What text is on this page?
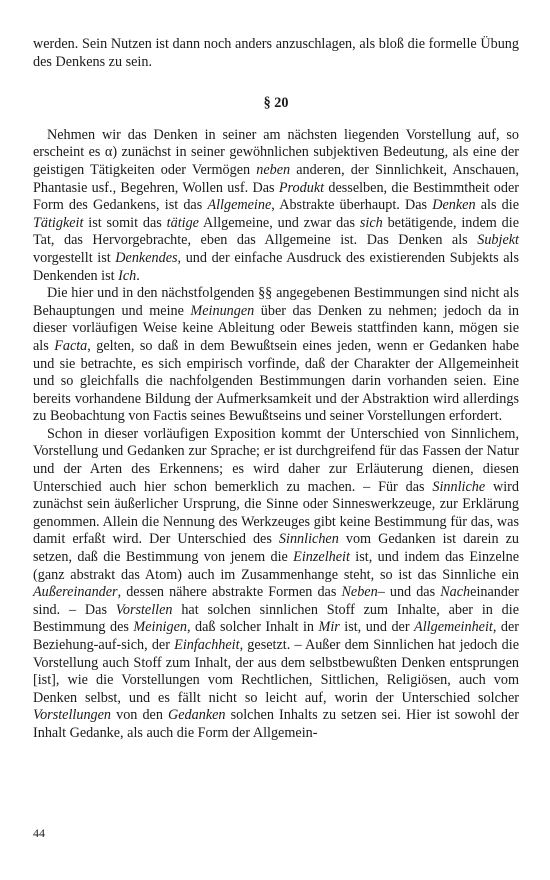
werden. Sein Nutzen ist dann noch anders anzuschlagen, als bloß die formelle Übung des Denkens zu sein.

§ 20

Nehmen wir das Denken in seiner am nächsten liegenden Vorstellung auf, so erscheint es α) zunächst in seiner gewöhnlichen subjektiven Bedeutung, als eine der geistigen Tätigkeiten oder Vermögen neben anderen, der Sinnlichkeit, Anschauen, Phantasie usf., Begehren, Wollen usf. Das Produkt desselben, die Bestimmtheit oder Form des Gedankens, ist das Allgemeine, Abstrakte überhaupt. Das Denken als die Tätigkeit ist somit das tätige Allgemeine, und zwar das sich betätigende, indem die Tat, das Hervorgebrachte, eben das Allgemeine ist. Das Denken als Subjekt vorgestellt ist Denkendes, und der einfache Ausdruck des existierenden Subjekts als Denkenden ist Ich.

Die hier und in den nächstfolgenden §§ angegebenen Bestimmungen sind nicht als Behauptungen und meine Meinungen über das Denken zu nehmen; jedoch da in dieser vorläufigen Weise keine Ableitung oder Beweis stattfinden kann, mögen sie als Facta, gelten, so daß in dem Bewußtsein eines jeden, wenn er Gedanken habe und sie betrachte, es sich empirisch vorfinde, daß der Charakter der Allgemeinheit und so gleichfalls die nachfolgenden Bestimmungen darin vorhanden seien. Eine bereits vorhandene Bildung der Aufmerksamkeit und der Abstraktion wird allerdings zu Beobachtung von Factis seines Bewußtseins und seiner Vorstellungen erfordert.

Schon in dieser vorläufigen Exposition kommt der Unterschied von Sinnlichem, Vorstellung und Gedanken zur Sprache; er ist durchgreifend für das Fassen der Natur und der Arten des Erkennens; es wird daher zur Erläuterung dienen, diesen Unterschied auch hier schon bemerklich zu machen. – Für das Sinnliche wird zunächst sein äußerlicher Ursprung, die Sinne oder Sinneswerkzeuge, zur Erklärung genommen. Allein die Nennung des Werkzeuges gibt keine Bestimmung für das, was damit erfaßt wird. Der Unterschied des Sinnlichen vom Gedanken ist darein zu setzen, daß die Bestimmung von jenem die Einzelheit ist, und indem das Einzelne (ganz abstrakt das Atom) auch im Zusammenhange steht, so ist das Sinnliche ein Außereinander, dessen nähere abstrakte Formen das Neben– und das Nacheinander sind. – Das Vorstellen hat solchen sinnlichen Stoff zum Inhalte, aber in die Bestimmung des Meinigen, daß solcher Inhalt in Mir ist, und der Allgemeinheit, der Beziehung-auf-sich, der Einfachheit, gesetzt. – Außer dem Sinnlichen hat jedoch die Vorstellung auch Stoff zum Inhalt, der aus dem selbstbewußten Denken entsprungen [ist], wie die Vorstellungen vom Rechtlichen, Sittlichen, Religiösen, auch vom Denken selbst, und es fällt nicht so leicht auf, worin der Unterschied solcher Vorstellungen von den Gedanken solchen Inhalts zu setzen sei. Hier ist sowohl der Inhalt Gedanke, als auch die Form der Allgemein-

44
